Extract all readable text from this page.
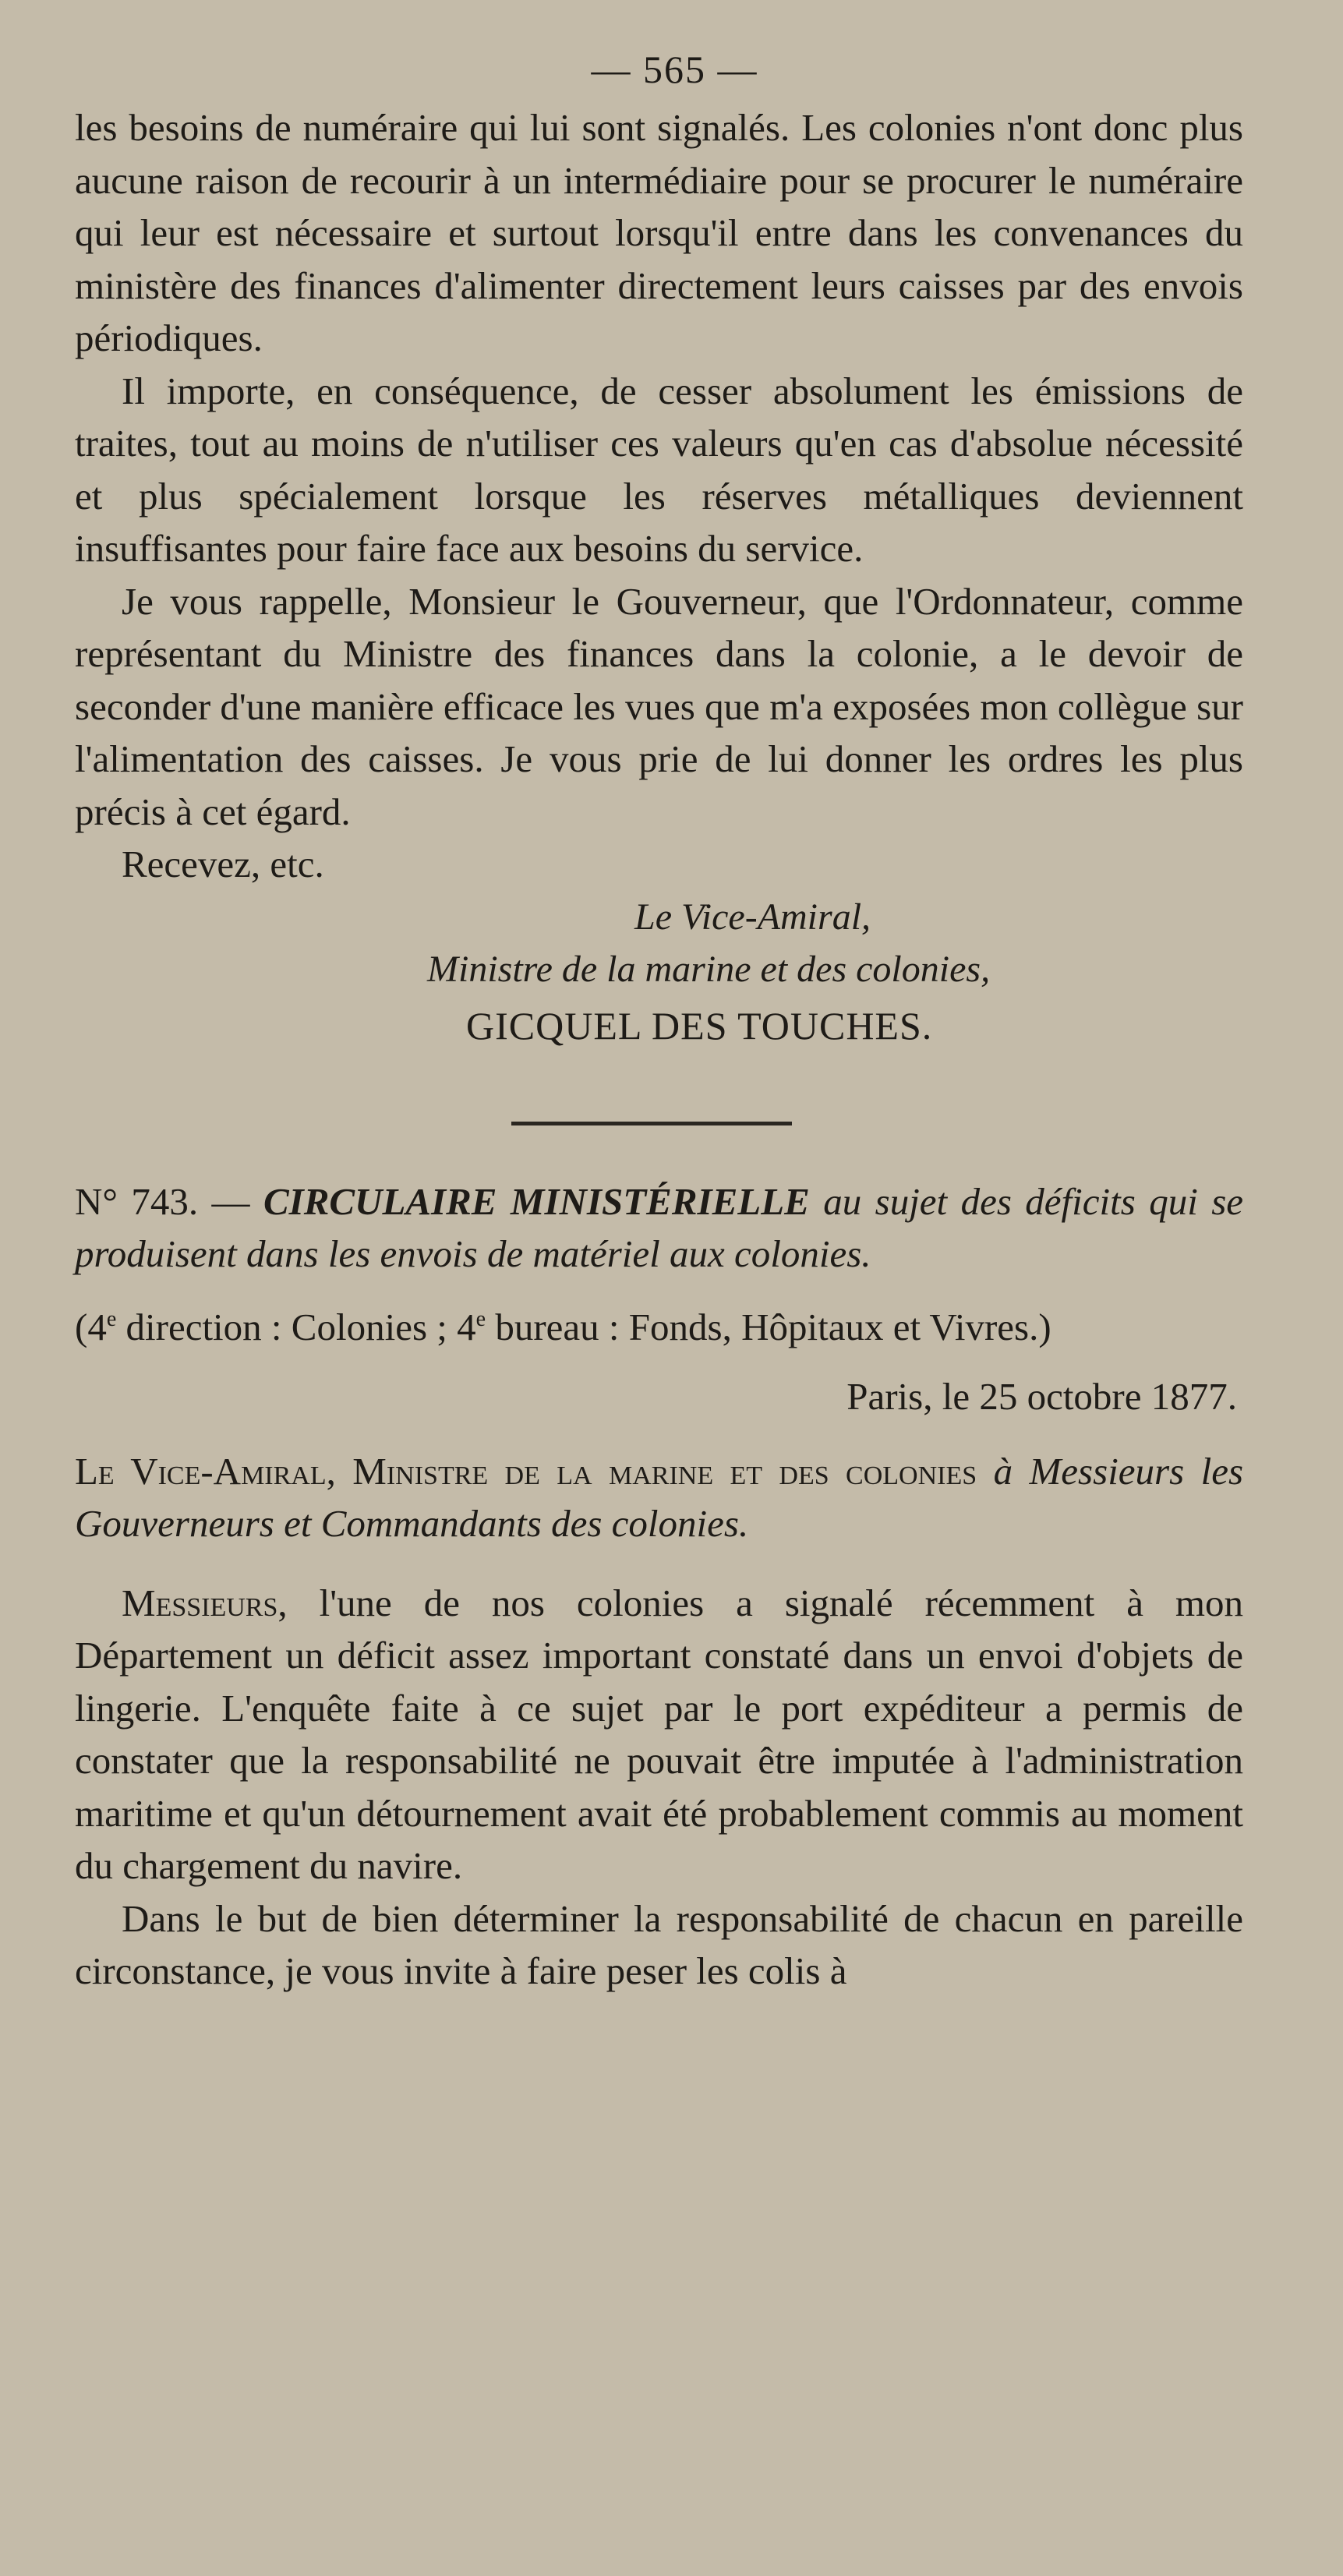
— 565 —

les besoins de numéraire qui lui sont signalés. Les colonies n'ont donc plus aucune raison de recourir à un intermédiaire pour se procurer le numéraire qui leur est nécessaire et surtout lorsqu'il entre dans les convenances du ministère des finances d'alimenter directement leurs caisses par des envois périodiques.

Il importe, en conséquence, de cesser absolument les émissions de traites, tout au moins de n'utiliser ces valeurs qu'en cas d'absolue nécessité et plus spécialement lorsque les réserves métalliques deviennent insuffisantes pour faire face aux besoins du service.

Je vous rappelle, Monsieur le Gouverneur, que l'Ordonnateur, comme représentant du Ministre des finances dans la colonie, a le devoir de seconder d'une manière efficace les vues que m'a exposées mon collègue sur l'alimentation des caisses. Je vous prie de lui donner les ordres les plus précis à cet égard.

Recevez, etc.

Le Vice-Amiral,

Ministre de la marine et des colonies,

GICQUEL DES TOUCHES.

N° 743. — CIRCULAIRE MINISTÉRIELLE au sujet des déficits qui se produisent dans les envois de matériel aux colonies.

(4e direction : Colonies ; 4e bureau : Fonds, Hôpitaux et Vivres.)

Paris, le 25 octobre 1877.

Le Vice-Amiral, Ministre de la marine et des colonies à Messieurs les Gouverneurs et Commandants des colonies.

Messieurs, l'une de nos colonies a signalé récemment à mon Département un déficit assez important constaté dans un envoi d'objets de lingerie. L'enquête faite à ce sujet par le port expéditeur a permis de constater que la responsabilité ne pouvait être imputée à l'administration maritime et qu'un détournement avait été probablement commis au moment du chargement du navire.

Dans le but de bien déterminer la responsabilité de chacun en pareille circonstance, je vous invite à faire peser les colis à
